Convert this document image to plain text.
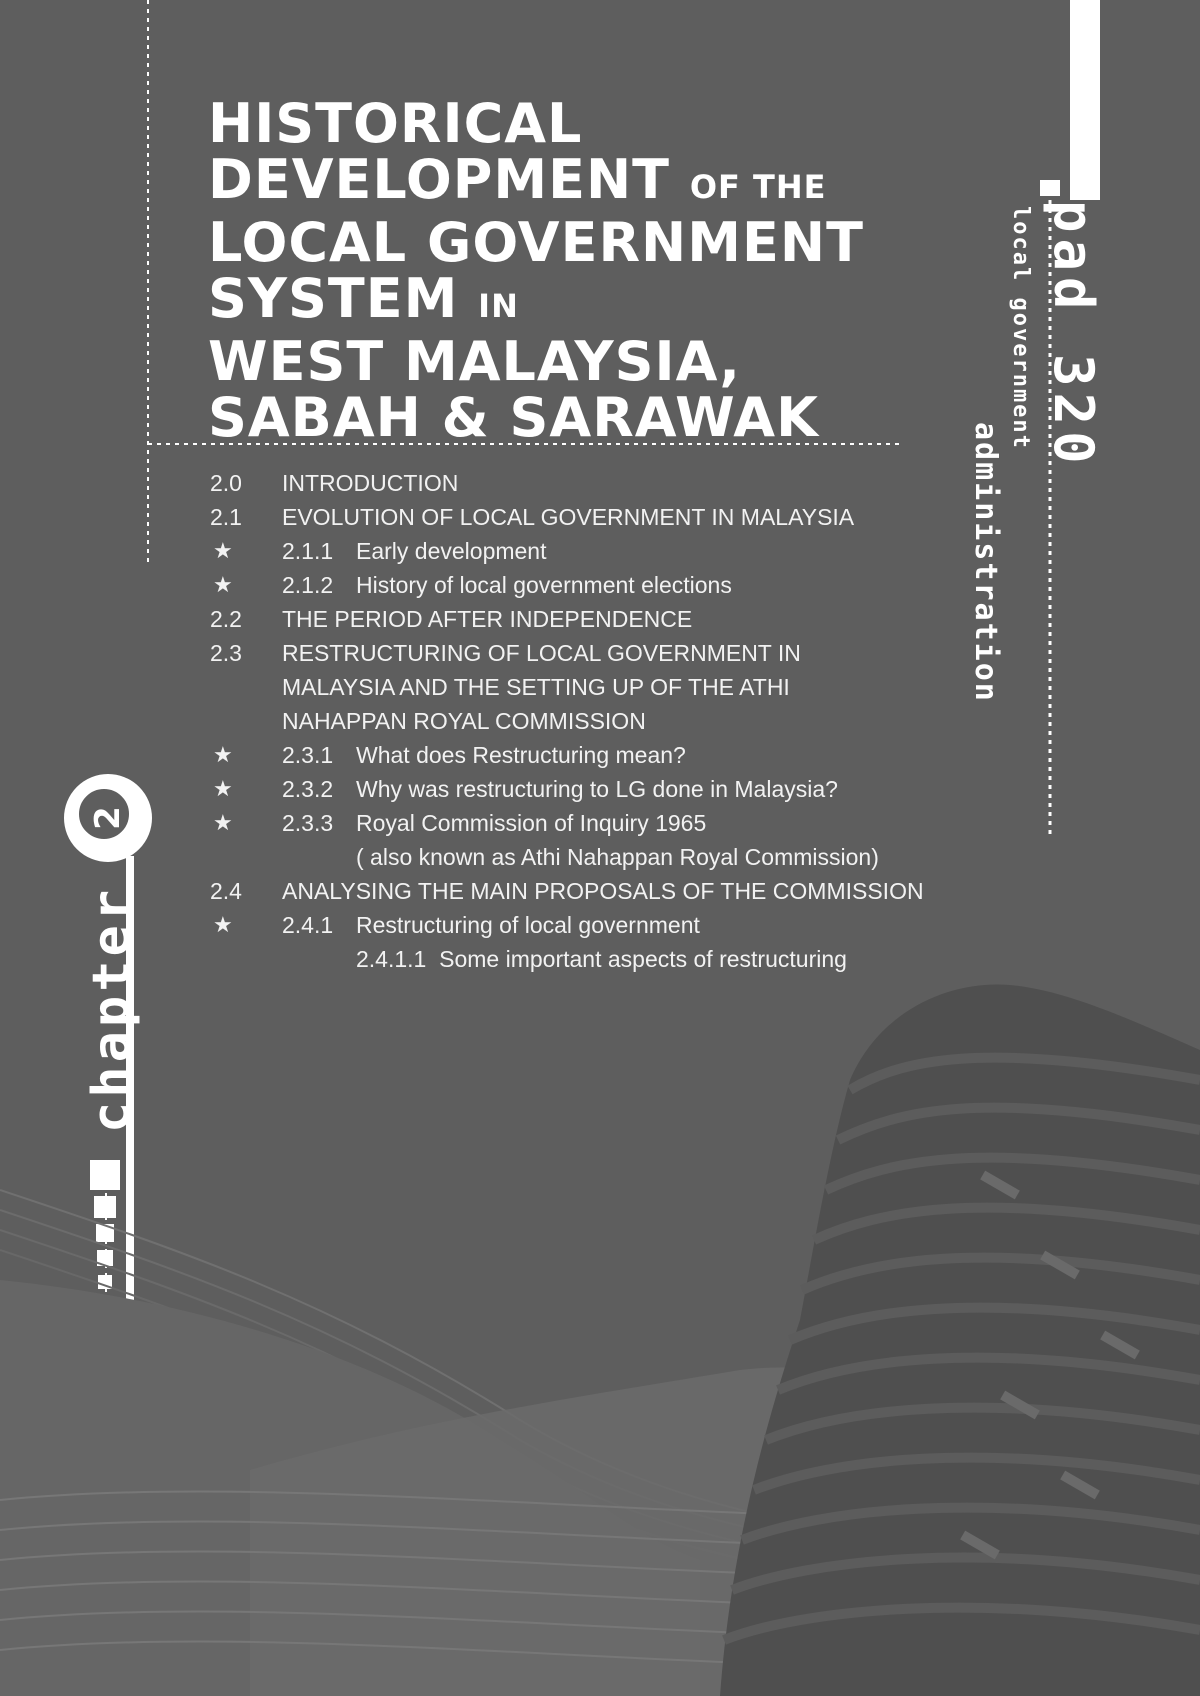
HISTORICAL
DEVELOPMENT OF THE
LOCAL GOVERNMENT
SYSTEM IN
WEST MALAYSIA,
SABAH & SARAWAK
2.0	INTRODUCTION
2.1	EVOLUTION OF LOCAL GOVERNMENT IN MALAYSIA
★ 2.1.1 Early development
★ 2.1.2 History of local government elections
2.2	THE PERIOD AFTER INDEPENDENCE
2.3	RESTRUCTURING OF LOCAL GOVERNMENT IN
MALAYSIA AND THE SETTING UP OF THE ATHI
NAHAPPAN ROYAL COMMISSION
★ 2.3.1 What does Restructuring mean?
★ 2.3.2 Why was restructuring to LG done in Malaysia?
★ 2.3.3 Royal Commission of Inquiry 1965
( also known as Athi Nahappan Royal Commission)
2.4	ANALYSING THE MAIN PROPOSALS OF THE COMMISSION
★ 2.4.1 Restructuring of local government
2.4.1.1 Some important aspects of restructuring
pad 320
local government
administration
2
chapter
